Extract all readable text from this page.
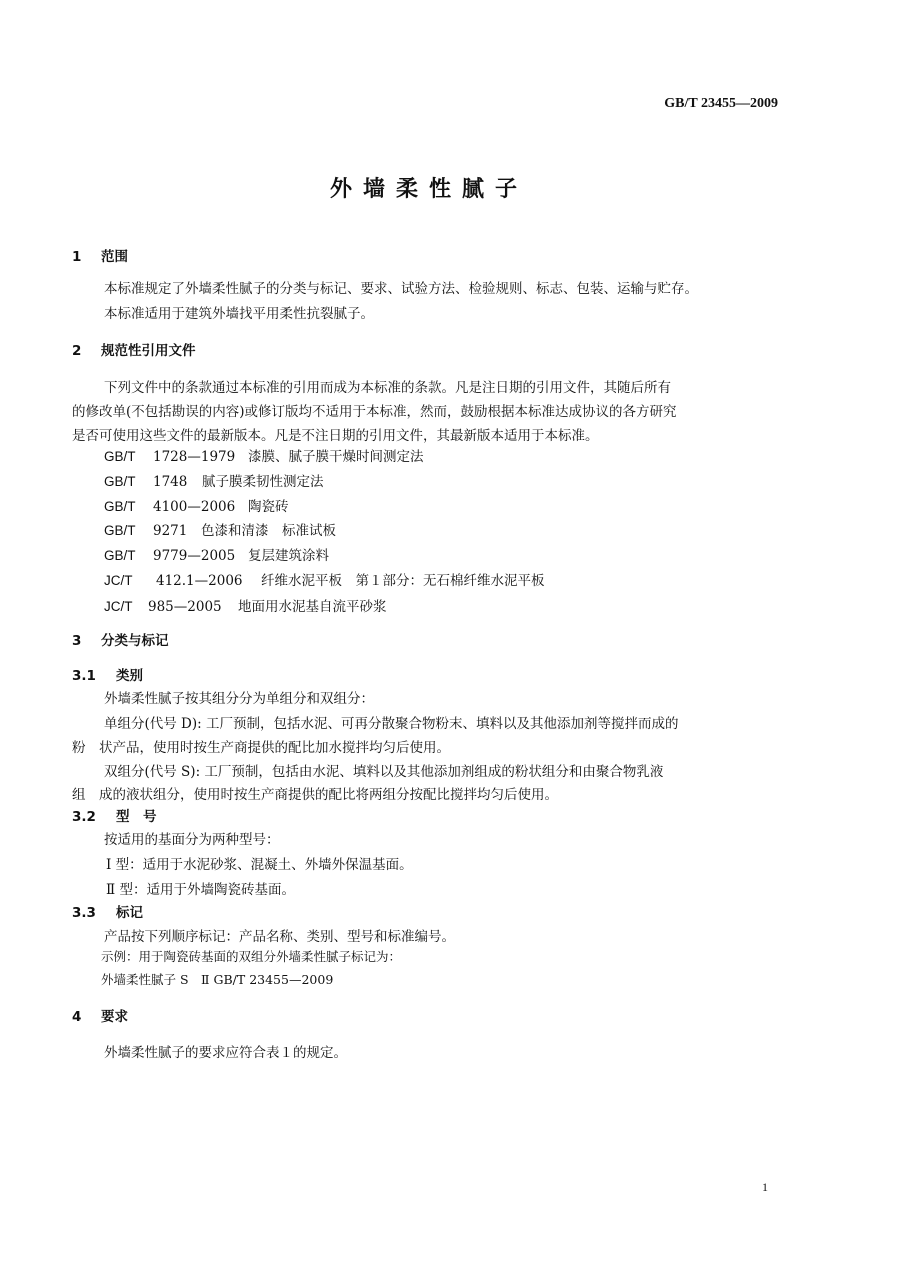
GB/T 23455—2009
外墙柔性腻子
1 范围
本标准规定了外墙柔性腻子的分类与标记、要求、试验方法、检验规则、标志、包装、运输与贮存。
本标准适用于建筑外墙找平用柔性抗裂腻子。
2 规范性引用文件
下列文件中的条款通过本标准的引用而成为本标准的条款。凡是注日期的引用文件，其随后所有
的修改单(不包括勘误的内容)或修订版均不适用于本标准，然而，鼓励根据本标准达成协议的各方研究
是否可使用这些文件的最新版本。凡是不注日期的引用文件，其最新版本适用于本标准。
GB/T 1728—1979 漆膜、腻子膜干燥时间测定法
GB/T 1748 腻子膜柔韧性测定法
GB/T 4100—2006 陶瓷砖
GB/T 9271 色漆和清漆　标准试板
GB/T 9779—2005 复层建筑涂料
JC/T 412.1—2006 纤维水泥平板　第１部分：无石棉纤维水泥平板
JC/T 985—2005 地面用水泥基自流平砂浆
3 分类与标记
3.1 类别
外墙柔性腻子按其组分分为单组分和双组分：
单组分(代号 D): 工厂预制，包括水泥、可再分散聚合物粉末、填料以及其他添加剂等搅拌而成的
粉　状产品，使用时按生产商提供的配比加水搅拌均匀后使用。
双组分(代号 S): 工厂预制，包括由水泥、填料以及其他添加剂组成的粉状组分和由聚合物乳液
组　成的液状组分，使用时按生产商提供的配比将两组分按配比搅拌均匀后使用。
3.2 型　号
按适用的基面分为两种型号：
Ⅰ 型：适用于水泥砂浆、混凝土、外墙外保温基面。
Ⅱ 型：适用于外墙陶瓷砖基面。
3.3 标记
产品按下列顺序标记：产品名称、类别、型号和标准编号。
示例：用于陶瓷砖基面的双组分外墙柔性腻子标记为：
外墙柔性腻子 S　Ⅱ GB/T 23455—2009
4 要求
外墙柔性腻子的要求应符合表１的规定。
1
